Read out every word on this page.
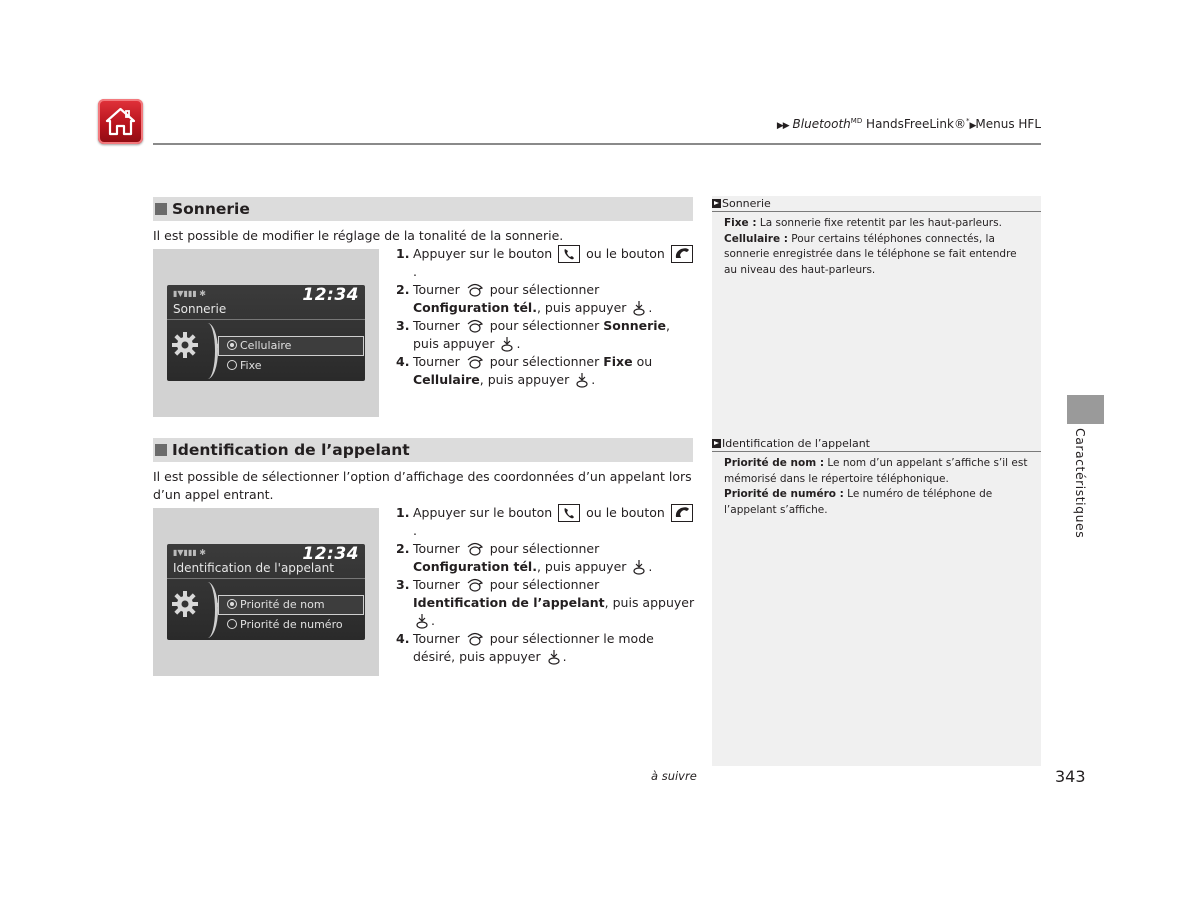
▶▶ Bluetooth$^{MD}$ HandsFreeLink®*▶Menus HFL
Sonnerie
Il est possible de modifier le réglage de la tonalité de la sonnerie.
▮▼▮▮▮ ✱	12:34
Sonnerie
Cellulaire
Fixe
1. Appuyer sur le bouton  ou le bouton .
2. Tourner  pour sélectionner Configuration tél., puis appuyer .
3. Tourner  pour sélectionner Sonnerie, puis appuyer .
4. Tourner  pour sélectionner Fixe ou Cellulaire, puis appuyer .
Identification de l’appelant
Il est possible de sélectionner l’option d’affichage des coordonnées d’un appelant lors d’un appel entrant.
▮▼▮▮▮ ✱	12:34
Identification de l'appelant
Priorité de nom
Priorité de numéro
1. Appuyer sur le bouton  ou le bouton .
2. Tourner  pour sélectionner Configuration tél., puis appuyer .
3. Tourner  pour sélectionner Identification de l’appelant, puis appuyer .
4. Tourner  pour sélectionner le mode désiré, puis appuyer .
Sonnerie
Fixe : La sonnerie fixe retentit par les haut-parleurs.
Cellulaire : Pour certains téléphones connectés, la sonnerie enregistrée dans le téléphone se fait entendre au niveau des haut-parleurs.
Identification de l’appelant
Priorité de nom : Le nom d’un appelant s’affiche s’il est mémorisé dans le répertoire téléphonique.
Priorité de numéro : Le numéro de téléphone de l’appelant s’affiche.	Caractéristiques
à suivre	343
